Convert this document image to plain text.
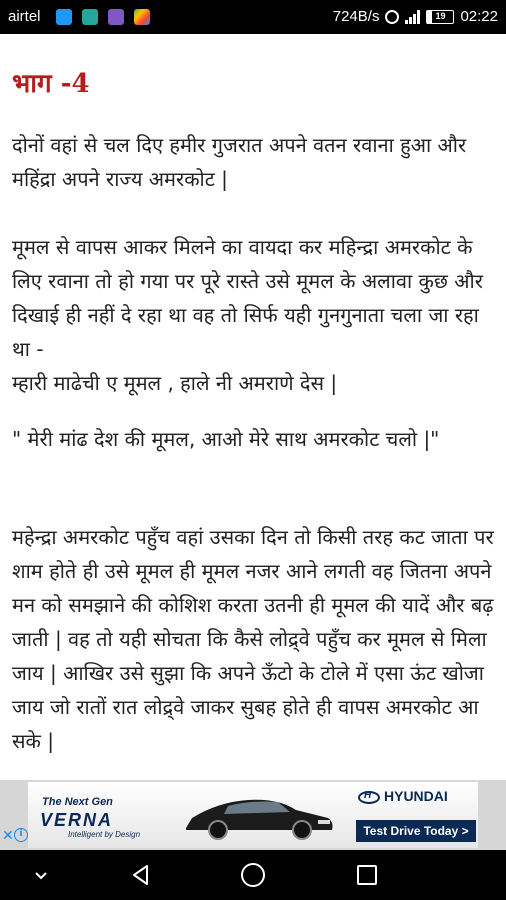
airtel	724B/s	19	02:22
भाग -4

दोनों वहां से चल दिए हमीर गुजरात अपने वतन रवाना हुआ और महिंद्रा अपने राज्य अमरकोट |

मूमल से वापस आकर मिलने का वायदा कर महिन्द्रा अमरकोट के लिए रवाना तो हो गया पर पूरे रास्ते उसे मूमल के अलावा कुछ और दिखाई ही नहीं दे रहा था वह तो सिर्फ यही गुनगुनाता चला जा रहा था -
म्हारी माढेची ए मूमल , हाले नी अमराणे देस |

" मेरी मांढ देश की मूमल, आओ मेरे साथ अमरकोट चलो |"

महेन्द्रा अमरकोट पहुँच वहां उसका दिन तो किसी तरह कट जाता पर शाम होते ही उसे मूमल ही मूमल नजर आने लगती वह जितना अपने मन को समझाने की कोशिश करता उतनी ही मूमल की यादें और बढ़ जाती | वह तो यही सोचता कि कैसे लोद्र्वे पहुँच कर मूमल से मिला जाय | आखिर उसे सुझा कि अपने ऊँटो के टोले में एसा ऊंट खोजा जाय जो रातों रात लोद्र्वे जाकर सुबह होते ही वापस अमरकोट आ सके |

✕ i
The Next Gen
VERNA
Intelligent by Design
HHYUNDAI
Test Drive Today >
